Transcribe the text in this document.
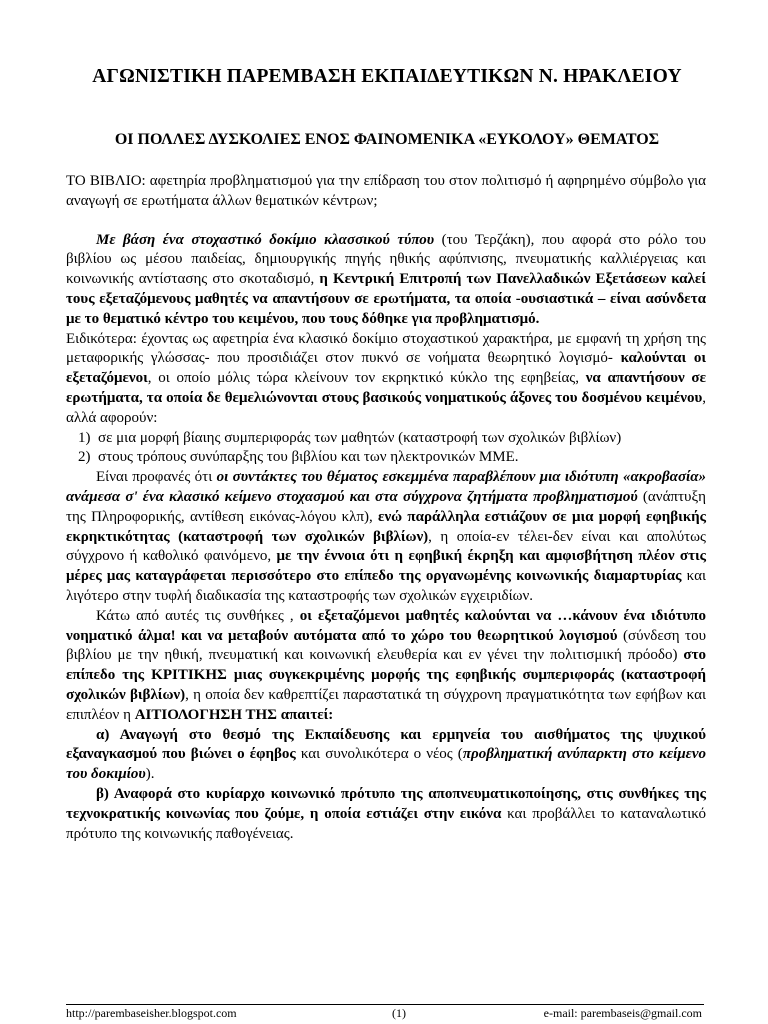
ΑΓΩΝΙΣΤΙΚΗ ΠΑΡΕΜΒΑΣΗ ΕΚΠΑΙΔΕΥΤΙΚΩΝ Ν. ΗΡΑΚΛΕΙΟΥ
ΟΙ ΠΟΛΛΕΣ ΔΥΣΚΟΛΙΕΣ ΕΝΟΣ ΦΑΙΝΟΜΕΝΙΚΑ «ΕΥΚΟΛΟΥ» ΘΕΜΑΤΟΣ

ΤΟ ΒΙΒΛΙΟ: αφετηρία προβληματισμού για την επίδραση του στον πολιτισμό ή αφηρημένο σύμβολο για αναγωγή σε ερωτήματα άλλων θεματικών κέντρων;

Με βάση ένα στοχαστικό δοκίμιο κλασσικού τύπου (του Τερζάκη), που αφορά στο ρόλο του βιβλίου ως μέσου παιδείας, δημιουργικής πηγής ηθικής αφύπνισης, πνευματικής καλλιέργειας και κοινωνικής αντίστασης στο σκοταδισμό, η Κεντρική Επιτροπή των Πανελλαδικών Εξετάσεων καλεί τους εξεταζόμενους μαθητές να απαντήσουν σε ερωτήματα, τα οποία -ουσιαστικά – είναι ασύνδετα με το θεματικό κέντρο του κειμένου, που τους δόθηκε για προβληματισμό.

Ειδικότερα: έχοντας ως αφετηρία ένα κλασικό δοκίμιο στοχαστικού χαρακτήρα, με εμφανή τη χρήση της μεταφορικής γλώσσας- που προσιδιάζει στον πυκνό σε νοήματα θεωρητικό λογισμό- καλούνται οι εξεταζόμενοι, οι οποίο μόλις τώρα κλείνουν τον εκρηκτικό κύκλο της εφηβείας, να απαντήσουν σε ερωτήματα, τα οποία δε θεμελιώνονται στους βασικούς νοηματικούς άξονες του δοσμένου κειμένου, αλλά αφορούν:

1) σε μια μορφή βίαιης συμπεριφοράς των μαθητών (καταστροφή των σχολικών βιβλίων)

2) στους τρόπους συνύπαρξης του βιβλίου και των ηλεκτρονικών ΜΜΕ.

Είναι προφανές ότι οι συντάκτες του θέματος εσκεμμένα παραβλέπουν μια ιδιότυπη «ακροβασία» ανάμεσα σ' ένα κλασικό κείμενο στοχασμού και στα σύγχρονα ζητήματα προβληματισμού (ανάπτυξη της Πληροφορικής, αντίθεση εικόνας-λόγου κλπ), ενώ παράλληλα εστιάζουν σε μια μορφή εφηβικής εκρηκτικότητας (καταστροφή των σχολικών βιβλίων), η οποία-εν τέλει-δεν είναι και απολύτως σύγχρονο ή καθολικό φαινόμενο, με την έννοια ότι η εφηβική έκρηξη και αμφισβήτηση πλέον στις μέρες μας καταγράφεται περισσότερο στο επίπεδο της οργανωμένης κοινωνικής διαμαρτυρίας και λιγότερο στην τυφλή διαδικασία της καταστροφής των σχολικών εγχειριδίων.

Κάτω από αυτές τις συνθήκες , οι εξεταζόμενοι μαθητές καλούνται να …κάνουν ένα ιδιότυπο νοηματικό άλμα! και να μεταβούν αυτόματα από το χώρο του θεωρητικού λογισμού (σύνδεση του βιβλίου με την ηθική, πνευματική και κοινωνική ελευθερία και εν γένει την πολιτισμική πρόοδο) στο επίπεδο της ΚΡΙΤΙΚΗΣ μιας συγκεκριμένης μορφής της εφηβικής συμπεριφοράς (καταστροφή σχολικών βιβλίων), η οποία δεν καθρεπτίζει παραστατικά τη σύγχρονη πραγματικότητα των εφήβων και επιπλέον η ΑΙΤΙΟΛΟΓΗΣΗ ΤΗΣ απαιτεί:

α) Αναγωγή στο θεσμό της Εκπαίδευσης και ερμηνεία του αισθήματος της ψυχικού εξαναγκασμού που βιώνει ο έφηβος και συνολικότερα ο νέος (προβληματική ανύπαρκτη στο κείμενο του δοκιμίου).

β) Αναφορά στο κυρίαρχο κοινωνικό πρότυπο της αποπνευματικοποίησης, στις συνθήκες της τεχνοκρατικής κοινωνίας που ζούμε, η οποία εστιάζει στην εικόνα και προβάλλει το καταναλωτικό πρότυπο της κοινωνικής παθογένειας.

http://parembaseisher.blogspot.com	(1)	e-mail: parembaseis@gmail.com
